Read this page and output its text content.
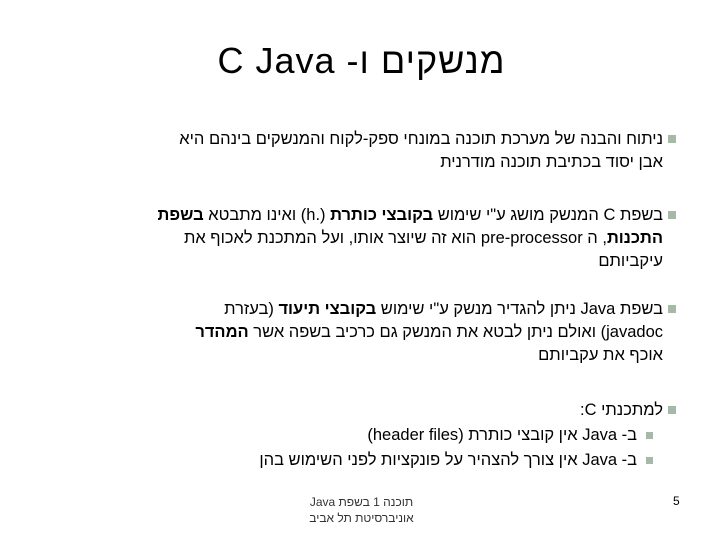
מנשקים ו- C Java
ניתוח והבנה של מערכת תוכנה במונחי ספק-לקוח והמנשקים בינהם היא
אבן יסוד בכתיבת תוכנה מודרנית
בשפת C המנשק מושג ע"י שימוש בקובצי כותרת (.h) ואינו מתבטא בשפת
התכנות, ה pre-processor הוא זה שיוצר אותו, ועל המתכנת לאכוף את
עיקביותם
בשפת Java ניתן להגדיר מנשק ע"י שימוש בקובצי תיעוד (בעזרת
javadoc) ואולם ניתן לבטא את המנשק גם כרכיב בשפה אשר המהדר
אוכף את עקביותם
למתכנתי C:
ב- Java אין קובצי כותרת (header files)
ב- Java אין צורך להצהיר על פונקציות לפני השימוש בהן
תוכנה 1 בשפת Java
אוניברסיטת תל אביב
5
